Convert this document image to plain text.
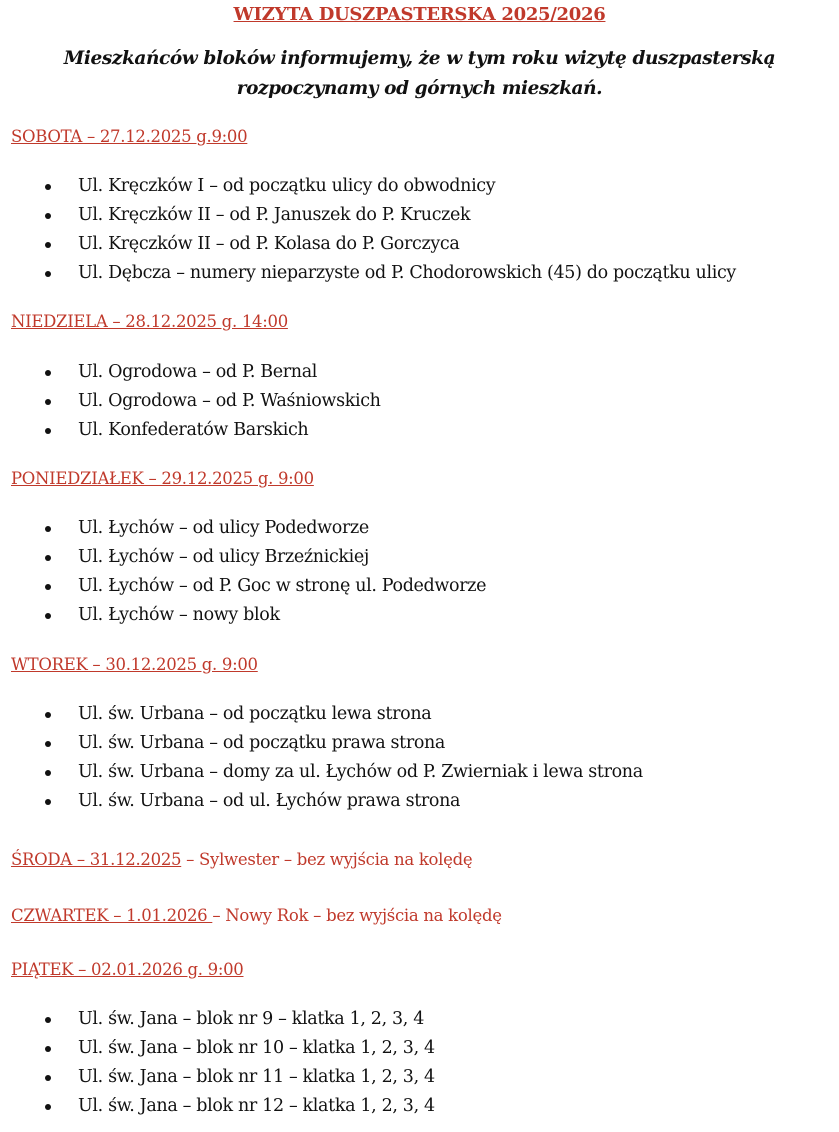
WIZYTA DUSZPASTERSKA 2025/2026
Mieszkańców bloków informujemy, że w tym roku wizytę duszpasterską
rozpoczynamy od górnych mieszkań.
SOBOTA – 27.12.2025 g.9:00
Ul. Kręczków I – od początku ulicy do obwodnicy
Ul. Kręczków II – od P. Januszek do P. Kruczek
Ul. Kręczków II – od P. Kolasa do P. Gorczyca
Ul. Dębcza – numery nieparzyste od P. Chodorowskich (45) do początku ulicy
NIEDZIELA – 28.12.2025 g. 14:00
Ul. Ogrodowa – od P. Bernal
Ul. Ogrodowa – od P. Waśniowskich
Ul. Konfederatów Barskich
PONIEDZIAŁEK – 29.12.2025 g. 9:00
Ul. Łychów – od ulicy Podedworze
Ul. Łychów – od ulicy Brzeźnickiej
Ul. Łychów – od P. Goc w stronę ul. Podedworze
Ul. Łychów – nowy blok
WTOREK – 30.12.2025 g. 9:00
Ul. św. Urbana – od początku lewa strona
Ul. św. Urbana – od początku prawa strona
Ul. św. Urbana – domy za ul. Łychów od P. Zwierniak i lewa strona
Ul. św. Urbana – od ul. Łychów prawa strona
ŚRODA – 31.12.2025 – Sylwester – bez wyjścia na kolędę
CZWARTEK – 1.01.2026 – Nowy Rok – bez wyjścia na kolędę
PIĄTEK – 02.01.2026 g. 9:00
Ul. św. Jana – blok nr 9 – klatka 1, 2, 3, 4
Ul. św. Jana – blok nr 10 – klatka 1, 2, 3, 4
Ul. św. Jana – blok nr 11 – klatka 1, 2, 3, 4
Ul. św. Jana – blok nr 12 – klatka 1, 2, 3, 4
